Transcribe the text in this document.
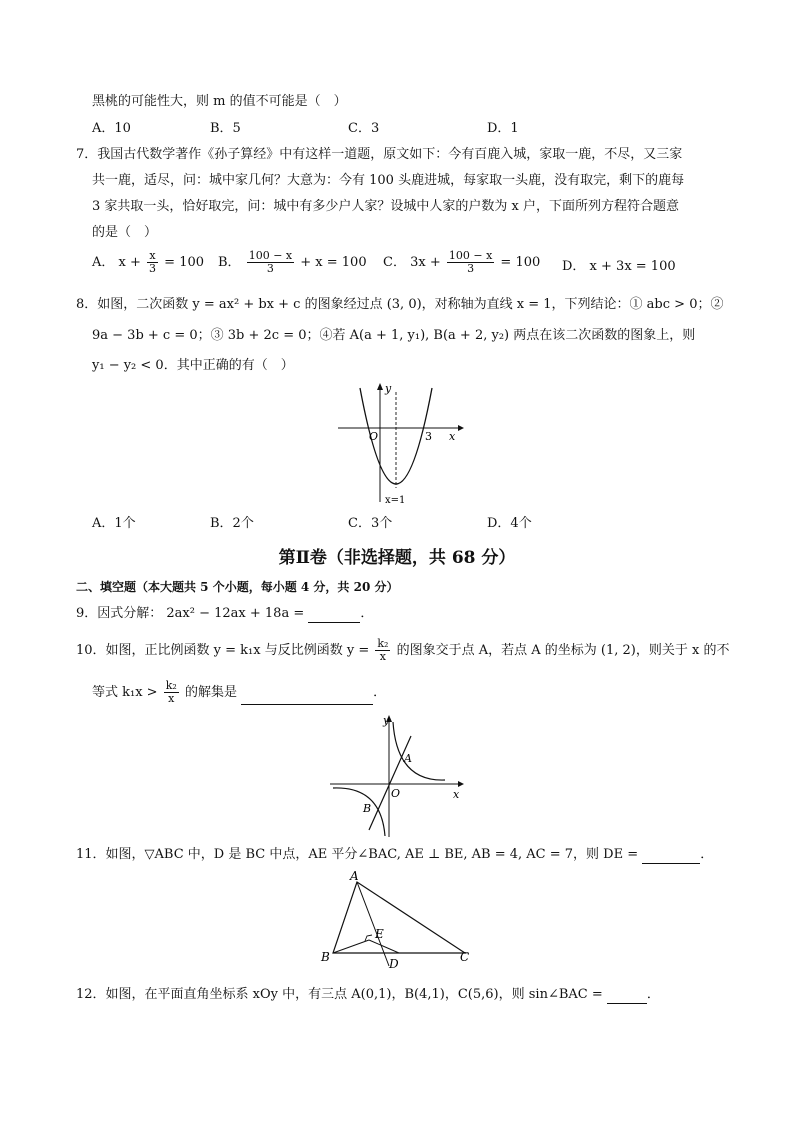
黑桃的可能性大，则 m 的值不可能是（　）
A．10	B．5	C．3	D．1
7．我国古代数学著作《孙子算经》中有这样一道题，原文如下：今有百鹿入城，家取一鹿，不尽，又三家
共一鹿，适尽，问：城中家几何？大意为：今有 100 头鹿进城，每家取一头鹿，没有取完，剩下的鹿每
3 家共取一头，恰好取完，问：城中有多少户人家？设城中人家的户数为 x 户，下面所列方程符合题意
的是（　）
A． $x + \frac{x}{3} = 100$ B． $\frac{100 - x}{3} + x = 100$ C． $3x + \frac{100 - x}{3} = 100$ D． x + 3x = 100
8．如图，二次函数 y = ax² + bx + c 的图象经过点 (3, 0)，对称轴为直线 x = 1，下列结论：① abc > 0；②
9a − 3b + c = 0；③ 3b + 2c = 0；④若 A(a + 1, y₁), B(a + 2, y₂) 两点在该二次函数的图象上，则
y₁ − y₂ < 0．其中正确的有（　）
y
x
O	3
x=1
A．1个	B．2个	C．3个	D．4个
第Ⅱ卷（非选择题，共 68 分）
二、填空题（本大题共 5 个小题，每小题 4 分，共 20 分）
9．因式分解： 2ax² − 12ax + 18a =	．
10．如图，正比例函数 y = k₁x 与反比例函数 $y = \frac{\text{k₂}}{x}$ 的图象交于点 A，若点 A 的坐标为 (1, 2)，则关于 x 的不
等式 $k_1x > \frac{\text{k₂}}{x}$ 的解集是	．
y
x
O
A
B
11．如图，▽ABC 中，D 是 BC 中点，AE 平分∠BAC, AE ⊥ BE, AB = 4, AC = 7，则 DE =	．
A
B	C
D
E
12．如图，在平面直角坐标系 xOy 中，有三点 A(0,1)，B(4,1)，C(5,6)，则 sin∠BAC =	．
